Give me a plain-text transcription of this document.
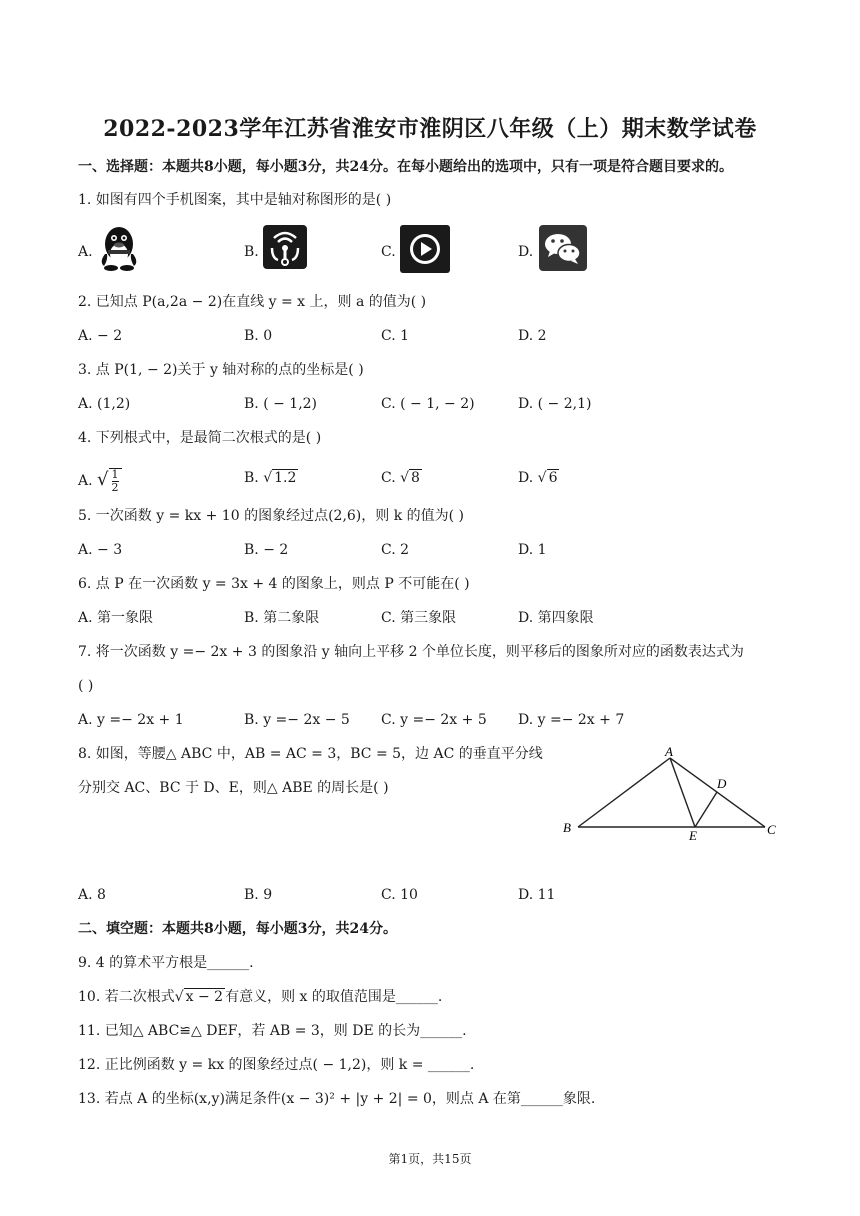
2022-2023学年江苏省淮安市淮阴区八年级（上）期末数学试卷
一、选择题：本题共8小题，每小题3分，共24分。在每小题给出的选项中，只有一项是符合题目要求的。
1. 如图有四个手机图案，其中是轴对称图形的是( )
A.	B.	C.	D.
2. 已知点 P(a,2a − 2)在直线 y = x 上，则 a 的值为( )
A. − 2	B. 0	C. 1	D. 2
3. 点 P(1, − 2)关于 y 轴对称的点的坐标是( )
A. (1,2)	B. ( − 1,2)	C. ( − 1, − 2)	D. ( − 2,1)
4. 下列根式中，是最简二次根式的是( )
A. √ $\frac{1}{2}$	B. √ 1.2	C. √ 8	D. √ 6
5. 一次函数 y = kx + 10 的图象经过点(2,6)，则 k 的值为( )
A. − 3	B. − 2	C. 2	D. 1
6. 点 P 在一次函数 y = 3x + 4 的图象上，则点 P 不可能在( )
A. 第一象限	B. 第二象限	C. 第三象限	D. 第四象限
7. 将一次函数 y =− 2x + 3 的图象沿 y 轴向上平移 2 个单位长度，则平移后的图象所对应的函数表达式为
( )
A. y =− 2x + 1	B. y =− 2x − 5 C. y =− 2x + 5 D. y =− 2x + 7
8. 如图，等腰△ ABC 中，AB = AC = 3，BC = 5，边 AC 的垂直平分线
分别交 AC、BC 于 D、E，则△ ABE 的周长是( )
A
B	C
D
E
A. 8	B. 9	C. 10	D. 11
二、填空题：本题共8小题，每小题3分，共24分。
9. 4 的算术平方根是______.
10. 若二次根式√ x − 2 有意义，则 x 的取值范围是______.
11. 已知△ ABC≌△ DEF，若 AB = 3，则 DE 的长为______.
12. 正比例函数 y = kx 的图象经过点( − 1,2)，则 k = ______.
13. 若点 A 的坐标(x,y)满足条件(x − 3)² + |y + 2| = 0，则点 A 在第______象限.
第1页，共15页
